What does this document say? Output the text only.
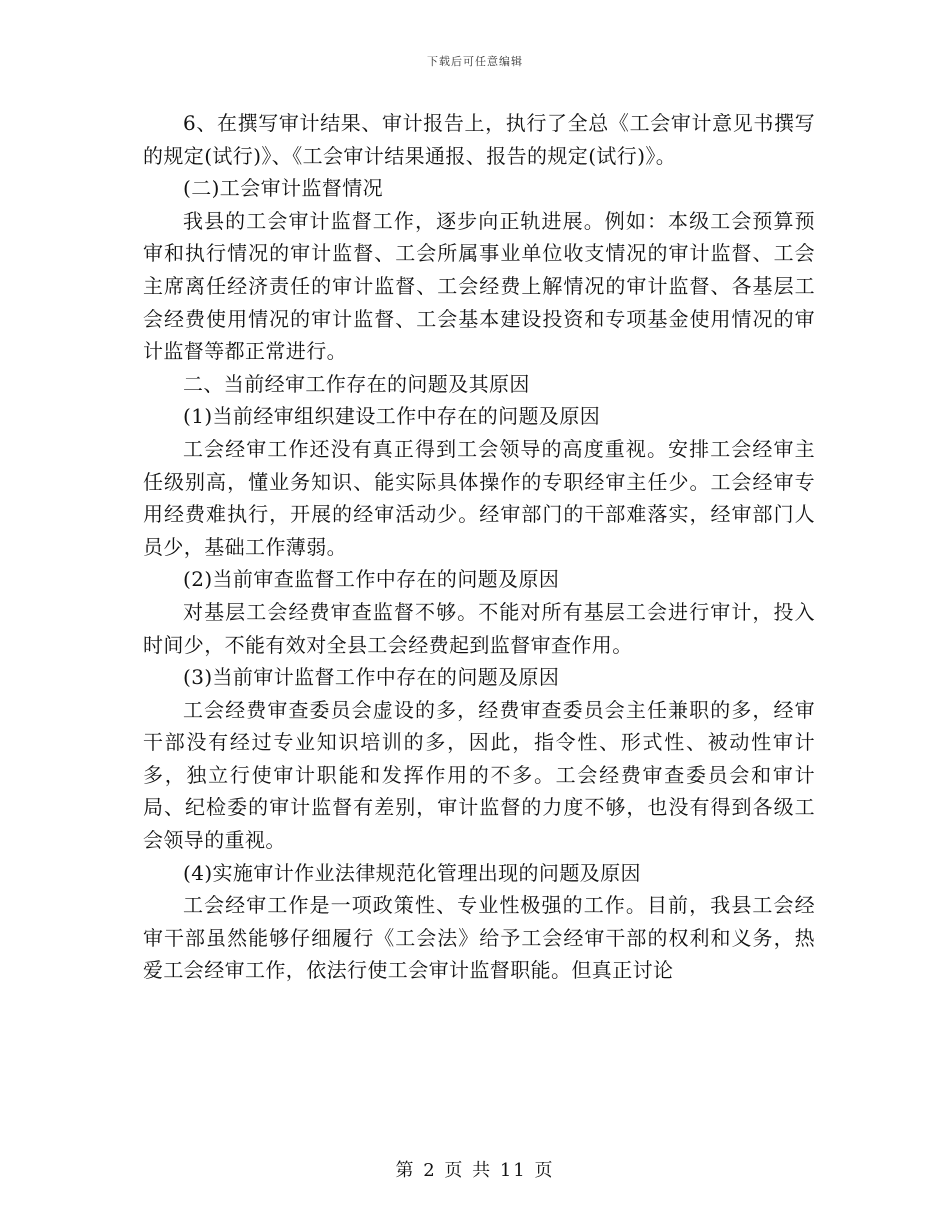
下载后可任意编辑

6、在撰写审计结果、审计报告上，执行了全总《工会审计意见书撰写的规定(试行)》、《工会审计结果通报、报告的规定(试行)》。

(二)工会审计监督情况

我县的工会审计监督工作，逐步向正轨进展。例如：本级工会预算预审和执行情况的审计监督、工会所属事业单位收支情况的审计监督、工会主席离任经济责任的审计监督、工会经费上解情况的审计监督、各基层工会经费使用情况的审计监督、工会基本建设投资和专项基金使用情况的审计监督等都正常进行。

二、当前经审工作存在的问题及其原因

(1)当前经审组织建设工作中存在的问题及原因

工会经审工作还没有真正得到工会领导的高度重视。安排工会经审主任级别高，懂业务知识、能实际具体操作的专职经审主任少。工会经审专用经费难执行，开展的经审活动少。经审部门的干部难落实，经审部门人员少，基础工作薄弱。

(2)当前审查监督工作中存在的问题及原因

对基层工会经费审查监督不够。不能对所有基层工会进行审计，投入时间少，不能有效对全县工会经费起到监督审查作用。

(3)当前审计监督工作中存在的问题及原因

工会经费审查委员会虚设的多，经费审查委员会主任兼职的多，经审干部没有经过专业知识培训的多，因此，指令性、形式性、被动性审计多，独立行使审计职能和发挥作用的不多。工会经费审查委员会和审计局、纪检委的审计监督有差别，审计监督的力度不够，也没有得到各级工会领导的重视。

(4)实施审计作业法律规范化管理出现的问题及原因

工会经审工作是一项政策性、专业性极强的工作。目前，我县工会经审干部虽然能够仔细履行《工会法》给予工会经审干部的权利和义务，热爱工会经审工作，依法行使工会审计监督职能。但真正讨论

第 2 页 共 11 页
